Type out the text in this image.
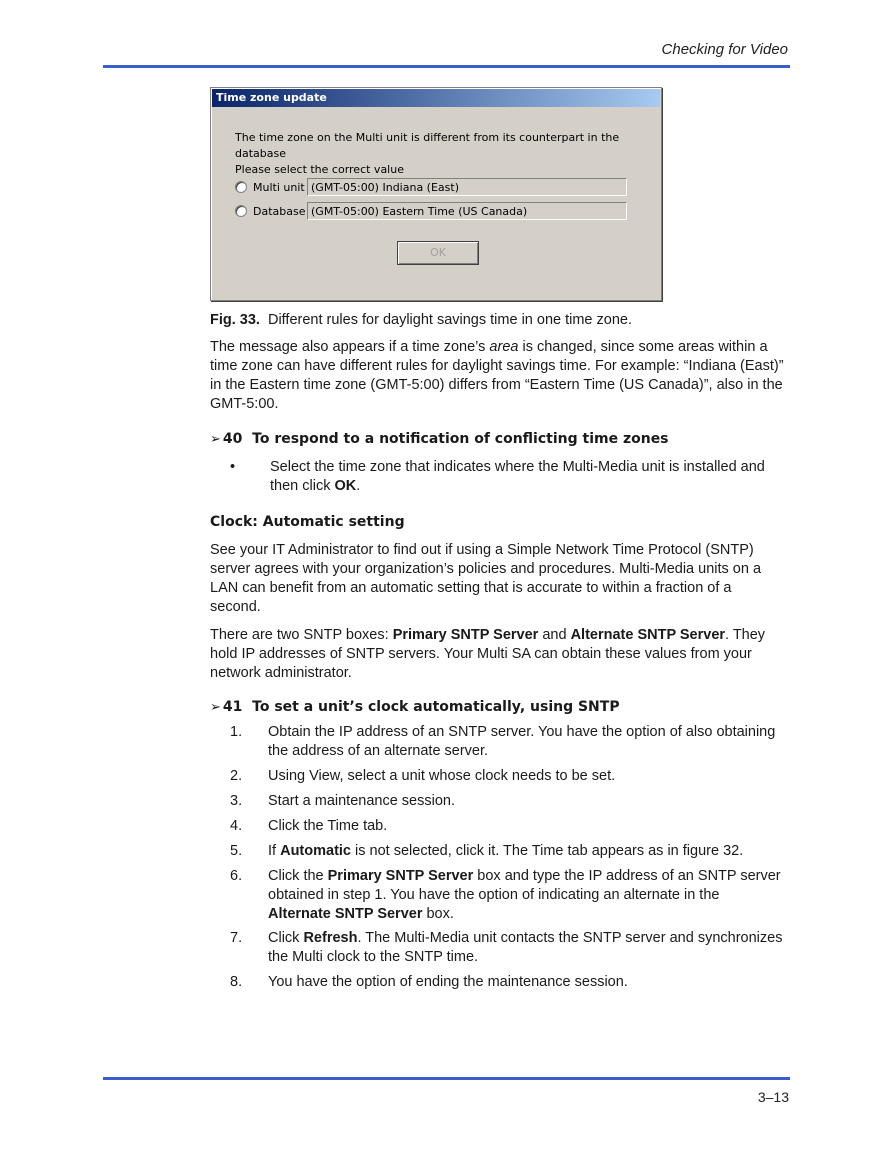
Checking for Video
Time zone update
The time zone on the Multi unit is different from its counterpart in the database
Please select the correct value
Multi unit (GMT-05:00) Indiana (East)
Database (GMT-05:00) Eastern Time (US Canada)
OK
Fig. 33. Different rules for daylight savings time in one time zone.
The message also appears if a time zone’s area is changed, since some areas within a
time zone can have different rules for daylight savings time. For example: “Indiana (East)”
in the Eastern time zone (GMT-5:00) differs from “Eastern Time (US Canada)”, also in the
GMT-5:00.
➢ 40 To respond to a notification of conflicting time zones
• Select the time zone that indicates where the Multi-Media unit is installed and
then click OK.
Clock: Automatic setting
See your IT Administrator to find out if using a Simple Network Time Protocol (SNTP)
server agrees with your organization’s policies and procedures. Multi-Media units on a
LAN can benefit from an automatic setting that is accurate to within a fraction of a
second.
There are two SNTP boxes: Primary SNTP Server and Alternate SNTP Server. They
hold IP addresses of SNTP servers. Your Multi SA can obtain these values from your
network administrator.
➢ 41 To set a unit’s clock automatically, using SNTP
1. Obtain the IP address of an SNTP server. You have the option of also obtaining
the address of an alternate server.
2. Using View, select a unit whose clock needs to be set.
3. Start a maintenance session.
4. Click the Time tab.
5. If Automatic is not selected, click it. The Time tab appears as in figure 32.
6. Click the Primary SNTP Server box and type the IP address of an SNTP server
obtained in step 1. You have the option of indicating an alternate in the
Alternate SNTP Server box.
7. Click Refresh. The Multi-Media unit contacts the SNTP server and synchronizes
the Multi clock to the SNTP time.
8. You have the option of ending the maintenance session.
3–13
